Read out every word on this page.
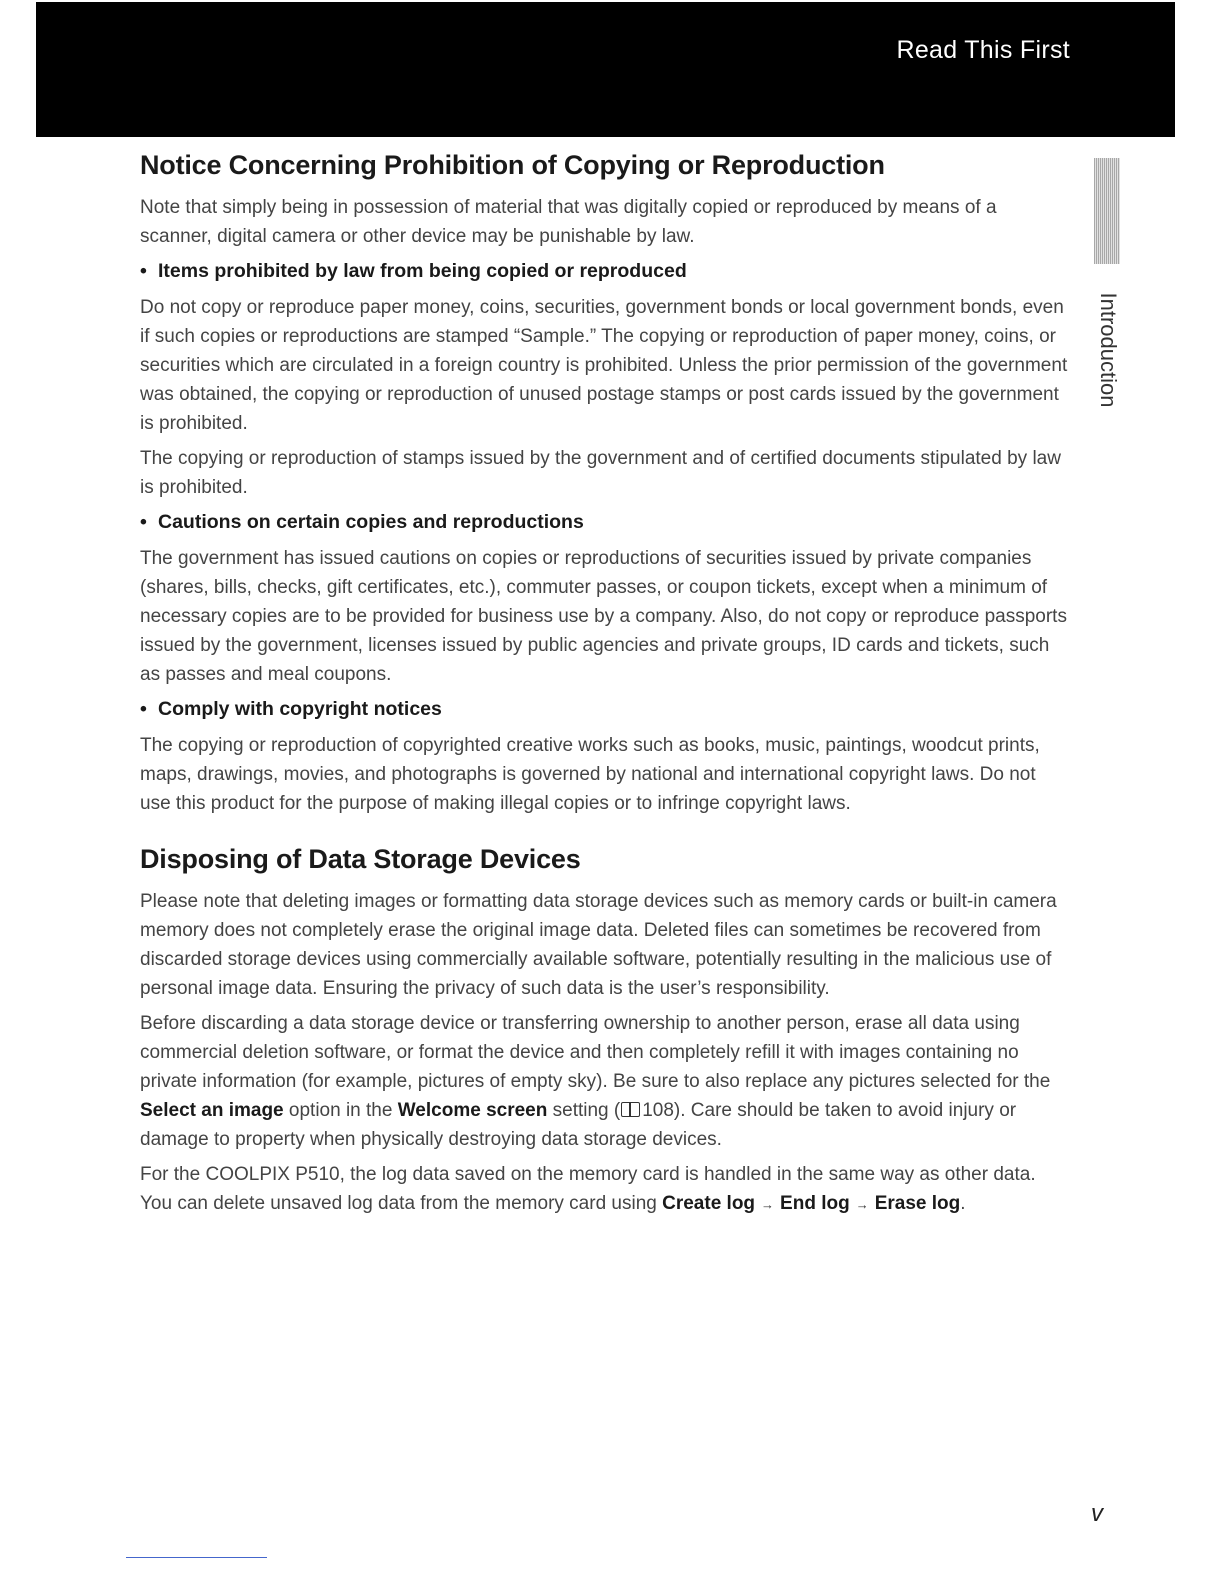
Read This First
Introduction
Notice Concerning Prohibition of Copying or Reproduction

Note that simply being in possession of material that was digitally copied or reproduced by means of a scanner, digital camera or other device may be punishable by law.

• Items prohibited by law from being copied or reproduced

Do not copy or reproduce paper money, coins, securities, government bonds or local government bonds, even if such copies or reproductions are stamped “Sample.” The copying or reproduction of paper money, coins, or securities which are circulated in a foreign country is prohibited. Unless the prior permission of the government was obtained, the copying or reproduction of unused postage stamps or post cards issued by the government is prohibited.

The copying or reproduction of stamps issued by the government and of certified documents stipulated by law is prohibited.

• Cautions on certain copies and reproductions

The government has issued cautions on copies or reproductions of securities issued by private companies (shares, bills, checks, gift certificates, etc.), commuter passes, or coupon tickets, except when a minimum of necessary copies are to be provided for business use by a company. Also, do not copy or reproduce passports issued by the government, licenses issued by public agencies and private groups, ID cards and tickets, such as passes and meal coupons.

• Comply with copyright notices

The copying or reproduction of copyrighted creative works such as books, music, paintings, woodcut prints, maps, drawings, movies, and photographs is governed by national and international copyright laws. Do not use this product for the purpose of making illegal copies or to infringe copyright laws.

Disposing of Data Storage Devices

Please note that deleting images or formatting data storage devices such as memory cards or built-in camera memory does not completely erase the original image data. Deleted files can sometimes be recovered from discarded storage devices using commercially available software, potentially resulting in the malicious use of personal image data. Ensuring the privacy of such data is the user’s responsibility.

Before discarding a data storage device or transferring ownership to another person, erase all data using commercial deletion software, or format the device and then completely refill it with images containing no private information (for example, pictures of empty sky). Be sure to also replace any pictures selected for the Select an image option in the Welcome screen setting ( 108). Care should be taken to avoid injury or damage to property when physically destroying data storage devices.

For the COOLPIX P510, the log data saved on the memory card is handled in the same way as other data. You can delete unsaved log data from the memory card using Create log → End log → Erase log.

v
